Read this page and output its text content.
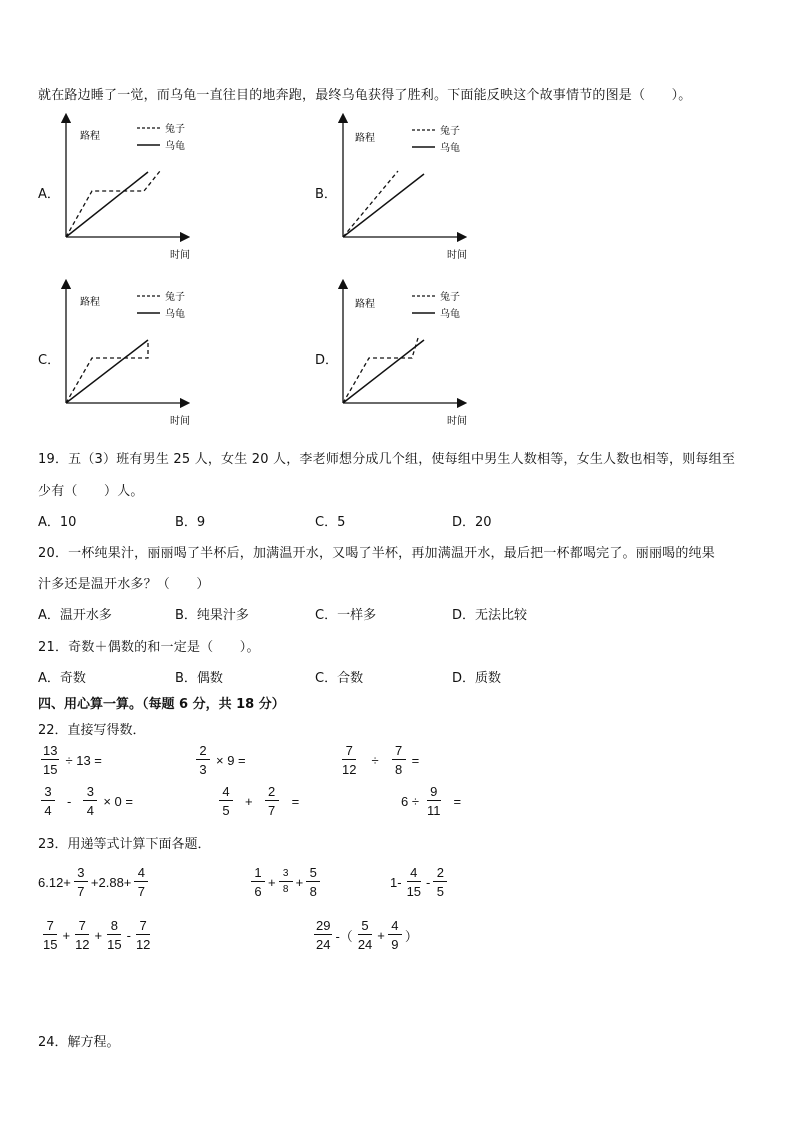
就在路边睡了一觉，而乌龟一直往目的地奔跑，最终乌龟获得了胜利。下面能反映这个故事情节的图是（　　）。
路程
时间
兔子
乌龟
路程
时间
兔子
乌龟
路程
时间
兔子
乌龟
路程
时间
兔子
乌龟
A．	B．
C．	D．
19．五（3）班有男生 25 人，女生 20 人，李老师想分成几个组，使每组中男生人数相等，女生人数也相等，则每组至
少有（　　）人。
A．10	B．9	C．5	D．20
20．一杯纯果汁，丽丽喝了半杯后，加满温开水，又喝了半杯，再加满温开水，最后把一杯都喝完了。丽丽喝的纯果
汁多还是温开水多？（　　）
A．温开水多	B．纯果汁多	C．一样多	D．无法比较
21．奇数＋偶数的和一定是（　　）。
A．奇数	B．偶数	C．合数	D．质数
四、用心算一算。（每题 6 分，共 18 分）
22．直接写得数．
$\frac{13}{15} \div 13$ =	$\frac{2}{3} \times 9$ =	$\frac{7}{12} \div \frac{7}{8}$ =
$\frac{3}{4} - \frac{3}{4} \times 0$ =	$\frac{4}{5} + \frac{2}{7}$ =	$6 \div \frac{9}{11}$ =
23．用递等式计算下面各题．
$6.12+ \frac{3}{7} +2.88+ \frac{4}{7}$	$\frac{1}{6} + \frac{3}{8} + \frac{5}{8}$	$1- \frac{4}{15} - \frac{2}{5}$
$\frac{7}{15} + \frac{7}{12} + \frac{8}{15} - \frac{7}{12}$	$\frac{29}{24}$ -（ $\frac{5}{24} + \frac{4}{9}$ ）
24．解方程。
